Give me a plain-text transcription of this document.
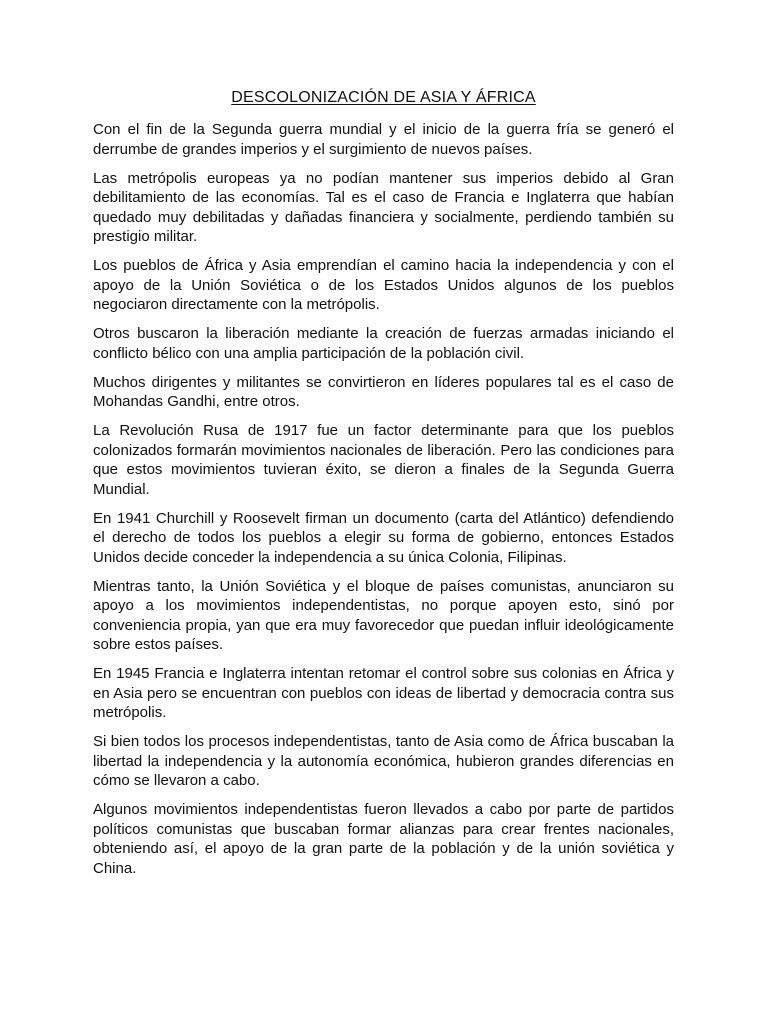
DESCOLONIZACIÓN DE ASIA Y ÁFRICA

Con el fin de la Segunda guerra mundial y el inicio de la guerra fría se generó el derrumbe de grandes imperios y el surgimiento de nuevos países.

Las metrópolis europeas ya no podían mantener sus imperios debido al Gran debilitamiento de las economías. Tal es el caso de Francia e Inglaterra que habían quedado muy debilitadas y dañadas financiera y socialmente, perdiendo también su prestigio militar.

Los pueblos de África y Asia emprendían el camino hacia la independencia y con el apoyo de la Unión Soviética o de los Estados Unidos algunos de los pueblos negociaron directamente con la metrópolis.

Otros buscaron la liberación mediante la creación de fuerzas armadas iniciando el conflicto bélico con una amplia participación de la población civil.

Muchos dirigentes y militantes se convirtieron en líderes populares tal es el caso de Mohandas Gandhi, entre otros.

La Revolución Rusa de 1917 fue un factor determinante para que los pueblos colonizados formarán movimientos nacionales de liberación. Pero las condiciones para que estos movimientos tuvieran éxito, se dieron a finales de la Segunda Guerra Mundial.

En 1941 Churchill y Roosevelt firman un documento (carta del Atlántico) defendiendo el derecho de todos los pueblos a elegir su forma de gobierno, entonces Estados Unidos decide conceder la independencia a su única Colonia, Filipinas.

Mientras tanto, la Unión Soviética y el bloque de países comunistas, anunciaron su apoyo a los movimientos independentistas, no porque apoyen esto, sinó por conveniencia propia, yan que era muy favorecedor que puedan influir ideológicamente sobre estos países.

En 1945 Francia e Inglaterra intentan retomar el control sobre sus colonias en África y en Asia pero se encuentran con pueblos con ideas de libertad y democracia contra sus metrópolis.

Si bien todos los procesos independentistas, tanto de Asia como de África buscaban la libertad la independencia y la autonomía económica, hubieron grandes diferencias en cómo se llevaron a cabo.

Algunos movimientos independentistas fueron llevados a cabo por parte de partidos políticos comunistas que buscaban formar alianzas para crear frentes nacionales, obteniendo así, el apoyo de la gran parte de la población y de la unión soviética y China.
